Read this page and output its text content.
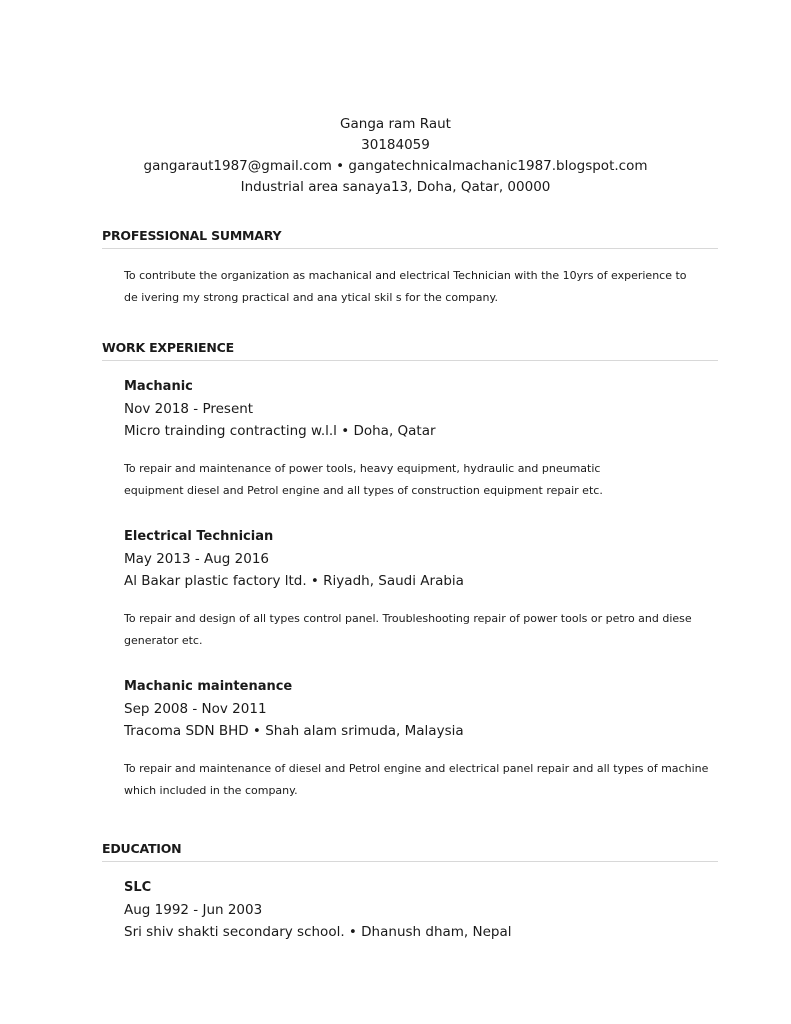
Ganga ram Raut
30184059
gangaraut1987@gmail.com • gangatechnicalmachanic1987.blogspot.com
Industrial area sanaya13, Doha, Qatar, 00000
PROFESSIONAL SUMMARY
To contribute the organization as machanical and electrical Technician with the 10yrs of experience to de ivering my strong practical and ana ytical skil s for the company.
WORK EXPERIENCE
Machanic
Nov 2018 - Present
Micro trainding contracting w.l.l • Doha, Qatar
To repair and maintenance of power tools, heavy equipment, hydraulic and pneumatic equipment diesel and Petrol engine and all types of construction equipment repair etc.
Electrical Technician
May 2013 - Aug 2016
Al Bakar plastic factory ltd. • Riyadh, Saudi Arabia
To repair and design of all types control panel. Troubleshooting repair of power tools or petro and diese generator etc.
Machanic maintenance
Sep 2008 - Nov 2011
Tracoma SDN BHD • Shah alam srimuda, Malaysia
To repair and maintenance of diesel and Petrol engine and electrical panel repair and all types of machine which included in the company.
EDUCATION
SLC
Aug 1992 - Jun 2003
Sri shiv shakti secondary school. • Dhanush dham, Nepal
